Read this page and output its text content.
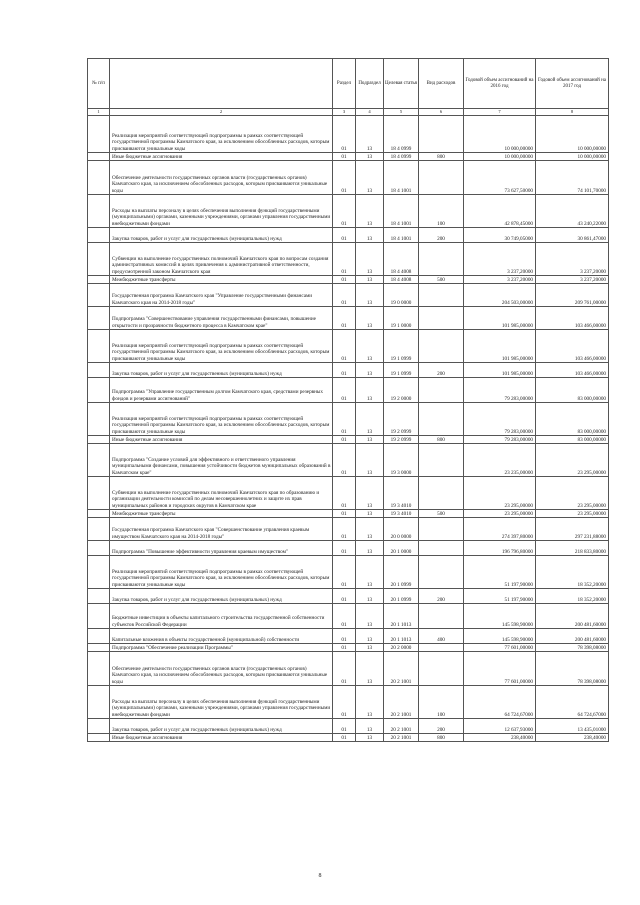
№ п/п		Раздел	Подраздел	Целевая статья	Вид расходов	Годовой объем ассигнований на 2016 год	Годовой объем ассигнований на 2017 год
1	2	3	4	5	6	7	8
	Реализация мероприятий соответствующей подпрограммы в рамках соответствующей государственной программы Камчатского края, за исключением обособленных расходов, которым присваиваются уникальные коды	01	13	18 4 0999		10 000,00000	10 000,00000
	Иные бюджетные ассигнования	01	13	18 4 0999	800	10 000,00000	10 000,00000
	Обеспечение деятельности государственных органов власти (государственных органов) Камчатского края, за исключением обособленных расходов, которым присваиваются уникальные коды	01	13	18 4 1001		73 627,50000	74 101,70000
	Расходы на выплаты персоналу в целях обеспечения выполнения функций государственными (муниципальными) органами, казенными учреждениями, органами управления государственными внебюджетными фондами	01	13	18 4 1001	100	42 878,45000	43 240,22000
	Закупка товаров, работ и услуг для государственных (муниципальных) нужд	01	13	18 4 1001	200	30 749,05000	30 861,47000
	Субвенции на выполнение государственных полномочий Камчатского края по вопросам создания административных комиссий в целях привлечения к административной ответственности, предусмотренной законом Камчатского края	01	13	18 4 4008		3 237,20000	3 237,20000
	Межбюджетные трансферты	01	13	18 4 4008	500	3 237,20000	3 237,20000
	Государственная программа Камчатского края "Управление государственными финансами Камчатского края на 2014-2018 годы"	01	13	19 0 0000		204 503,00000	209 761,00000
	Подпрограмма "Совершенствование управления государственными финансами, повышение открытости и прозрачности бюджетного процесса в Камчатском крае"	01	13	19 1 0000		101 985,00000	103 466,00000
	Реализация мероприятий соответствующей подпрограммы в рамках соответствующей государственной программы Камчатского края, за исключением обособленных расходов, которым присваиваются уникальные коды	01	13	19 1 0999		101 985,00000	103 466,00000
	Закупка товаров, работ и услуг для государственных (муниципальных) нужд	01	13	19 1 0999	200	101 985,00000	103 466,00000
	Подпрограмма "Управление государственным долгом Камчатского края, средствами резервных фондов и резервами ассигнований"	01	13	19 2 0000		79 283,00000	83 000,00000
	Реализация мероприятий соответствующей подпрограммы в рамках соответствующей государственной программы Камчатского края, за исключением обособленных расходов, которым присваиваются уникальные коды	01	13	19 2 0999		79 283,00000	83 000,00000
	Иные бюджетные ассигнования	01	13	19 2 0999	800	79 283,00000	83 000,00000
	Подпрограмма "Создание условий для эффективного и ответственного управления муниципальными финансами, повышения устойчивости бюджетов муниципальных образований в Камчатском крае"	01	13	19 3 0000		23 235,00000	23 295,00000
	Субвенции на выполнение государственных полномочий Камчатского края по образованию и организации деятельности комиссий по делам несовершеннолетних и защите их прав муниципальных районов и городских округов в Камчатском крае	01	13	19 3 4010		23 295,00000	23 295,00000
	Межбюджетные трансферты	01	13	19 3 4010	500	23 295,00000	23 295,00000
	Государственная программа Камчатского края "Совершенствование управления краевым имуществом Камчатского края на 2014-2018 годы"	01	13	20 0 0000		274 397,80000	297 231,88000
	Подпрограмма "Повышение эффективности управления краевым имуществом"	01	13	20 1 0000		196 796,80000	218 833,80000
	Реализация мероприятий соответствующей подпрограммы в рамках соответствующей государственной программы Камчатского края, за исключением обособленных расходов, которым присваиваются уникальные коды	01	13	20 1 0999		51 197,90000	18 352,20000
	Закупка товаров, работ и услуг для государственных (муниципальных) нужд	01	13	20 1 0999	200	51 197,90000	18 352,20000
	Бюджетные инвестиции в объекты капитального строительства государственной собственности субъектов Российской Федерации	01	13	20 1 1013		145 598,90000	200 481,60000
	Капитальные вложения в объекты государственной (муниципальной) собственности	01	13	20 1 1013	400	145 598,90000	200 481,60000
	Подпрограмма "Обеспечение реализации Программы"	01	13	20 2 0000		77 601,00000	78 398,08000
	Обеспечение деятельности государственных органов власти (государственных органов) Камчатского края, за исключением обособленных расходов, которым присваиваются уникальные коды	01	13	20 2 1001		77 601,00000	78 398,08000
	Расходы на выплаты персоналу в целях обеспечения выполнения функций государственными (муниципальными) органами, казенными учреждениями, органами управления государственными внебюджетными фондами	01	13	20 2 1001	100	64 724,67000	64 724,67000
	Закупка товаров, работ и услуг для государственных (муниципальных) нужд	01	13	20 2 1001	200	12 637,93000	13 435,01000
	Иные бюджетные ассигнования	01	13	20 2 1001	800	238,40000	238,40000
8
